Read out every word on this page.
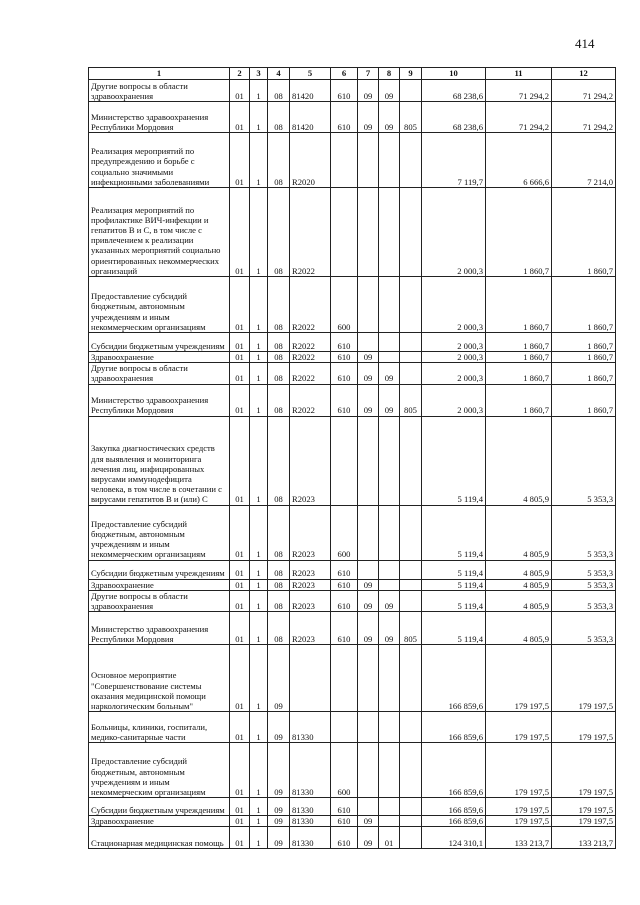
414
1	2	3	4	5	6	7	8	9	10	11	12
Другие вопросы в области здравоохранения	01	1	08	81420	610	09	09		68 238,6	71 294,2	71 294,2
Министерство здравоохранения Республики Мордовия	01	1	08	81420	610	09	09	805	68 238,6	71 294,2	71 294,2
Реализация мероприятий по предупреждению и борьбе с социально значимыми инфекционными заболеваниями	01	1	08	R2020					7 119,7	6 666,6	7 214,0
Реализация мероприятий по профилактике ВИЧ-инфекции и гепатитов В и С, в том числе с привлечением к реализации указанных мероприятий социально ориентированных некоммерческих организаций	01	1	08	R2022					2 000,3	1 860,7	1 860,7
Предоставление субсидий бюджетным, автономным учреждениям и иным некоммерческим организациям	01	1	08	R2022	600				2 000,3	1 860,7	1 860,7
Субсидии бюджетным учреждениям	01	1	08	R2022	610				2 000,3	1 860,7	1 860,7
Здравоохранение	01	1	08	R2022	610	09			2 000,3	1 860,7	1 860,7
Другие вопросы в области здравоохранения	01	1	08	R2022	610	09	09		2 000,3	1 860,7	1 860,7
Министерство здравоохранения Республики Мордовия	01	1	08	R2022	610	09	09	805	2 000,3	1 860,7	1 860,7
Закупка диагностических средств для выявления и мониторинга лечения лиц, инфицированных вирусами иммунодефицита человека, в том числе в сочетании с вирусами гепатитов В и (или) С	01	1	08	R2023					5 119,4	4 805,9	5 353,3
Предоставление субсидий бюджетным, автономным учреждениям и иным некоммерческим организациям	01	1	08	R2023	600				5 119,4	4 805,9	5 353,3
Субсидии бюджетным учреждениям	01	1	08	R2023	610				5 119,4	4 805,9	5 353,3
Здравоохранение	01	1	08	R2023	610	09			5 119,4	4 805,9	5 353,3
Другие вопросы в области здравоохранения	01	1	08	R2023	610	09	09		5 119,4	4 805,9	5 353,3
Министерство здравоохранения Республики Мордовия	01	1	08	R2023	610	09	09	805	5 119,4	4 805,9	5 353,3
Основное мероприятие "Совершенствование системы оказания медицинской помощи наркологическим больным"	01	1	09						166 859,6	179 197,5	179 197,5
Больницы, клиники, госпитали, медико-санитарные части	01	1	09	81330					166 859,6	179 197,5	179 197,5
Предоставление субсидий бюджетным, автономным учреждениям и иным некоммерческим организациям	01	1	09	81330	600				166 859,6	179 197,5	179 197,5
Субсидии бюджетным учреждениям	01	1	09	81330	610				166 859,6	179 197,5	179 197,5
Здравоохранение	01	1	09	81330	610	09			166 859,6	179 197,5	179 197,5
Стационарная медицинская помощь	01	1	09	81330	610	09	01		124 310,1	133 213,7	133 213,7
